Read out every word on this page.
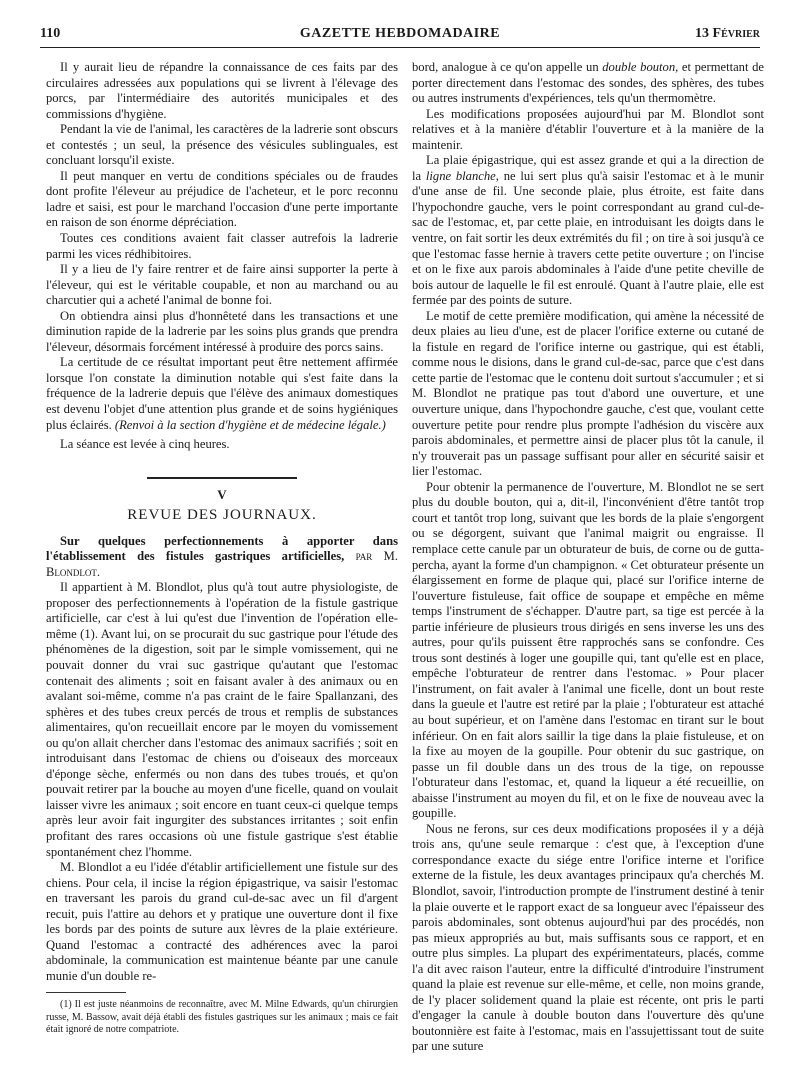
110	GAZETTE HEBDOMADAIRE	13 Février

Il y aurait lieu de répandre la connaissance de ces faits par des circulaires adressées aux populations qui se livrent à l'élevage des porcs, par l'intermédiaire des autorités municipales et des commissions d'hygiène.

Pendant la vie de l'animal, les caractères de la ladrerie sont obscurs et contestés ; un seul, la présence des vésicules sublinguales, est concluant lorsqu'il existe.

Il peut manquer en vertu de conditions spéciales ou de fraudes dont profite l'éleveur au préjudice de l'acheteur, et le porc reconnu ladre et saisi, est pour le marchand l'occasion d'une perte importante en raison de son énorme dépréciation.

Toutes ces conditions avaient fait classer autrefois la ladrerie parmi les vices rédhibitoires.

Il y a lieu de l'y faire rentrer et de faire ainsi supporter la perte à l'éleveur, qui est le véritable coupable, et non au marchand ou au charcutier qui a acheté l'animal de bonne foi.

On obtiendra ainsi plus d'honnêteté dans les transactions et une diminution rapide de la ladrerie par les soins plus grands que prendra l'éleveur, désormais forcément intéressé à produire des porcs sains.

La certitude de ce résultat important peut être nettement affirmée lorsque l'on constate la diminution notable qui s'est faite dans la fréquence de la ladrerie depuis que l'élève des animaux domestiques est devenu l'objet d'une attention plus grande et de soins hygiéniques plus éclairés. (Renvoi à la section d'hygiène et de médecine légale.)

La séance est levée à cinq heures.

V
REVUE DES JOURNAUX.

Sur quelques perfectionnements à apporter dans l'établissement des fistules gastriques artificielles, par M. Blondlot.

Il appartient à M. Blondlot, plus qu'à tout autre physiologiste, de proposer des perfectionnements à l'opération de la fistule gastrique artificielle, car c'est à lui qu'est due l'invention de l'opération elle-même (1). Avant lui, on se procurait du suc gastrique pour l'étude des phénomènes de la digestion, soit par le simple vomissement, qui ne pouvait donner du vrai suc gastrique qu'autant que l'estomac contenait des aliments ; soit en faisant avaler à des animaux ou en avalant soi-même, comme n'a pas craint de le faire Spallanzani, des sphères et des tubes creux percés de trous et remplis de substances alimentaires, qu'on recueillait encore par le moyen du vomissement ou qu'on allait chercher dans l'estomac des animaux sacrifiés ; soit en introduisant dans l'estomac de chiens ou d'oiseaux des morceaux d'éponge sèche, enfermés ou non dans des tubes troués, et qu'on pouvait retirer par la bouche au moyen d'une ficelle, quand on voulait laisser vivre les animaux ; soit encore en tuant ceux-ci quelque temps après leur avoir fait ingurgiter des substances irritantes ; soit enfin profitant des rares occasions où une fistule gastrique s'est établie spontanément chez l'homme.

M. Blondlot a eu l'idée d'établir artificiellement une fistule sur des chiens. Pour cela, il incise la région épigastrique, va saisir l'estomac en traversant les parois du grand cul-de-sac avec un fil d'argent recuit, puis l'attire au dehors et y pratique une ouverture dont il fixe les bords par des points de suture aux lèvres de la plaie extérieure. Quand l'estomac a contracté des adhérences avec la paroi abdominale, la communication est maintenue béante par une canule munie d'un double re-

(1) Il est juste néanmoins de reconnaître, avec M. Milne Edwards, qu'un chirurgien russe, M. Bassow, avait déjà établi des fistules gastriques sur les animaux ; mais ce fait était ignoré de notre compatriote.

bord, analogue à ce qu'on appelle un double bouton, et permettant de porter directement dans l'estomac des sondes, des sphères, des tubes ou autres instruments d'expériences, tels qu'un thermomètre.

Les modifications proposées aujourd'hui par M. Blondlot sont relatives et à la manière d'établir l'ouverture et à la manière de la maintenir.

La plaie épigastrique, qui est assez grande et qui a la direction de la ligne blanche, ne lui sert plus qu'à saisir l'estomac et à le munir d'une anse de fil. Une seconde plaie, plus étroite, est faite dans l'hypochondre gauche, vers le point correspondant au grand cul-de-sac de l'estomac, et, par cette plaie, en introduisant les doigts dans le ventre, on fait sortir les deux extrémités du fil ; on tire à soi jusqu'à ce que l'estomac fasse hernie à travers cette petite ouverture ; on l'incise et on le fixe aux parois abdominales à l'aide d'une petite cheville de bois autour de laquelle le fil est enroulé. Quant à l'autre plaie, elle est fermée par des points de suture.

Le motif de cette première modification, qui amène la nécessité de deux plaies au lieu d'une, est de placer l'orifice externe ou cutané de la fistule en regard de l'orifice interne ou gastrique, qui est établi, comme nous le disions, dans le grand cul-de-sac, parce que c'est dans cette partie de l'estomac que le contenu doit surtout s'accumuler ; et si M. Blondlot ne pratique pas tout d'abord une ouverture, et une ouverture unique, dans l'hypochondre gauche, c'est que, voulant cette ouverture petite pour rendre plus prompte l'adhésion du viscère aux parois abdominales, et permettre ainsi de placer plus tôt la canule, il n'y trouverait pas un passage suffisant pour aller en sécurité saisir et lier l'estomac.

Pour obtenir la permanence de l'ouverture, M. Blondlot ne se sert plus du double bouton, qui a, dit-il, l'inconvénient d'être tantôt trop court et tantôt trop long, suivant que les bords de la plaie s'engorgent ou se dégorgent, suivant que l'animal maigrit ou engraisse. Il remplace cette canule par un obturateur de buis, de corne ou de gutta-percha, ayant la forme d'un champignon. « Cet obturateur présente un élargissement en forme de plaque qui, placé sur l'orifice interne de l'ouverture fistuleuse, fait office de soupape et empêche en même temps l'instrument de s'échapper. D'autre part, sa tige est percée à la partie inférieure de plusieurs trous dirigés en sens inverse les uns des autres, pour qu'ils puissent être rapprochés sans se confondre. Ces trous sont destinés à loger une goupille qui, tant qu'elle est en place, empêche l'obturateur de rentrer dans l'estomac. » Pour placer l'instrument, on fait avaler à l'animal une ficelle, dont un bout reste dans la gueule et l'autre est retiré par la plaie ; l'obturateur est attaché au bout supérieur, et on l'amène dans l'estomac en tirant sur le bout inférieur. On en fait alors saillir la tige dans la plaie fistuleuse, et on la fixe au moyen de la goupille. Pour obtenir du suc gastrique, on passe un fil double dans un des trous de la tige, on repousse l'obturateur dans l'estomac, et, quand la liqueur a été recueillie, on abaisse l'instrument au moyen du fil, et on le fixe de nouveau avec la goupille.

Nous ne ferons, sur ces deux modifications proposées il y a déjà trois ans, qu'une seule remarque : c'est que, à l'exception d'une correspondance exacte du siége entre l'orifice interne et l'orifice externe de la fistule, les deux avantages principaux qu'a cherchés M. Blondlot, savoir, l'introduction prompte de l'instrument destiné à tenir la plaie ouverte et le rapport exact de sa longueur avec l'épaisseur des parois abdominales, sont obtenus aujourd'hui par des procédés, non pas mieux appropriés au but, mais suffisants sous ce rapport, et en outre plus simples. La plupart des expérimentateurs, placés, comme l'a dit avec raison l'auteur, entre la difficulté d'introduire l'instrument quand la plaie est revenue sur elle-même, et celle, non moins grande, de l'y placer solidement quand la plaie est récente, ont pris le parti d'engager la canule à double bouton dans l'ouverture dès qu'une boutonnière est faite à l'estomac, mais en l'assujettissant tout de suite par une suture
